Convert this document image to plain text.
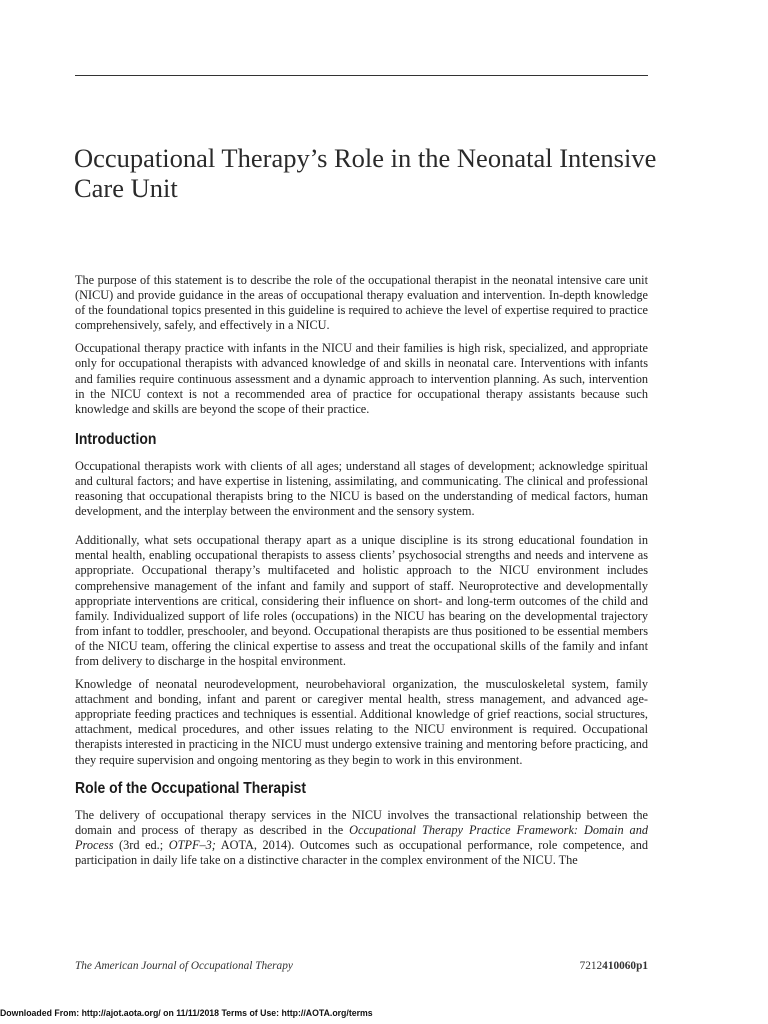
Occupational Therapy’s Role in the Neonatal Intensive Care Unit

The purpose of this statement is to describe the role of the occupational therapist in the neonatal intensive care unit (NICU) and provide guidance in the areas of occupational therapy evaluation and intervention. In-depth knowledge of the foundational topics presented in this guideline is required to achieve the level of expertise required to practice comprehensively, safely, and effectively in a NICU.

Occupational therapy practice with infants in the NICU and their families is high risk, specialized, and appropriate only for occupational therapists with advanced knowledge of and skills in neonatal care. Interventions with infants and families require continuous assessment and a dynamic approach to intervention planning. As such, intervention in the NICU context is not a recommended area of practice for occupational therapy assistants because such knowledge and skills are beyond the scope of their practice.

Introduction

Occupational therapists work with clients of all ages; understand all stages of development; acknowledge spiritual and cultural factors; and have expertise in listening, assimilating, and communicating. The clinical and professional reasoning that occupational therapists bring to the NICU is based on the understanding of medical factors, human development, and the interplay between the environment and the sensory system.

Additionally, what sets occupational therapy apart as a unique discipline is its strong educational foundation in mental health, enabling occupational therapists to assess clients’ psychosocial strengths and needs and intervene as appropriate. Occupational therapy’s multifaceted and holistic approach to the NICU environment includes comprehensive management of the infant and family and support of staff. Neuroprotective and developmentally appropriate interventions are critical, considering their influence on short- and long-term outcomes of the child and family. Individualized support of life roles (occupations) in the NICU has bearing on the developmental trajectory from infant to toddler, preschooler, and beyond. Occupational therapists are thus positioned to be essential members of the NICU team, offering the clinical expertise to assess and treat the occupational skills of the family and infant from delivery to discharge in the hospital environment.

Knowledge of neonatal neurodevelopment, neurobehavioral organization, the musculoskeletal system, family attachment and bonding, infant and parent or caregiver mental health, stress management, and advanced age-appropriate feeding practices and techniques is essential. Additional knowledge of grief reactions, social structures, attachment, medical procedures, and other issues relating to the NICU environment is required. Occupational therapists interested in practicing in the NICU must undergo extensive training and mentoring before practicing, and they require supervision and ongoing mentoring as they begin to work in this environment.

Role of the Occupational Therapist

The delivery of occupational therapy services in the NICU involves the transactional relationship between the domain and process of therapy as described in the Occupational Therapy Practice Framework: Domain and Process (3rd ed.; OTPF–3; AOTA, 2014). Outcomes such as occupational performance, role competence, and participation in daily life take on a distinctive character in the complex environment of the NICU. The

The American Journal of Occupational Therapy	7212410060p1
Downloaded From: http://ajot.aota.org/ on 11/11/2018 Terms of Use: http://AOTA.org/terms
